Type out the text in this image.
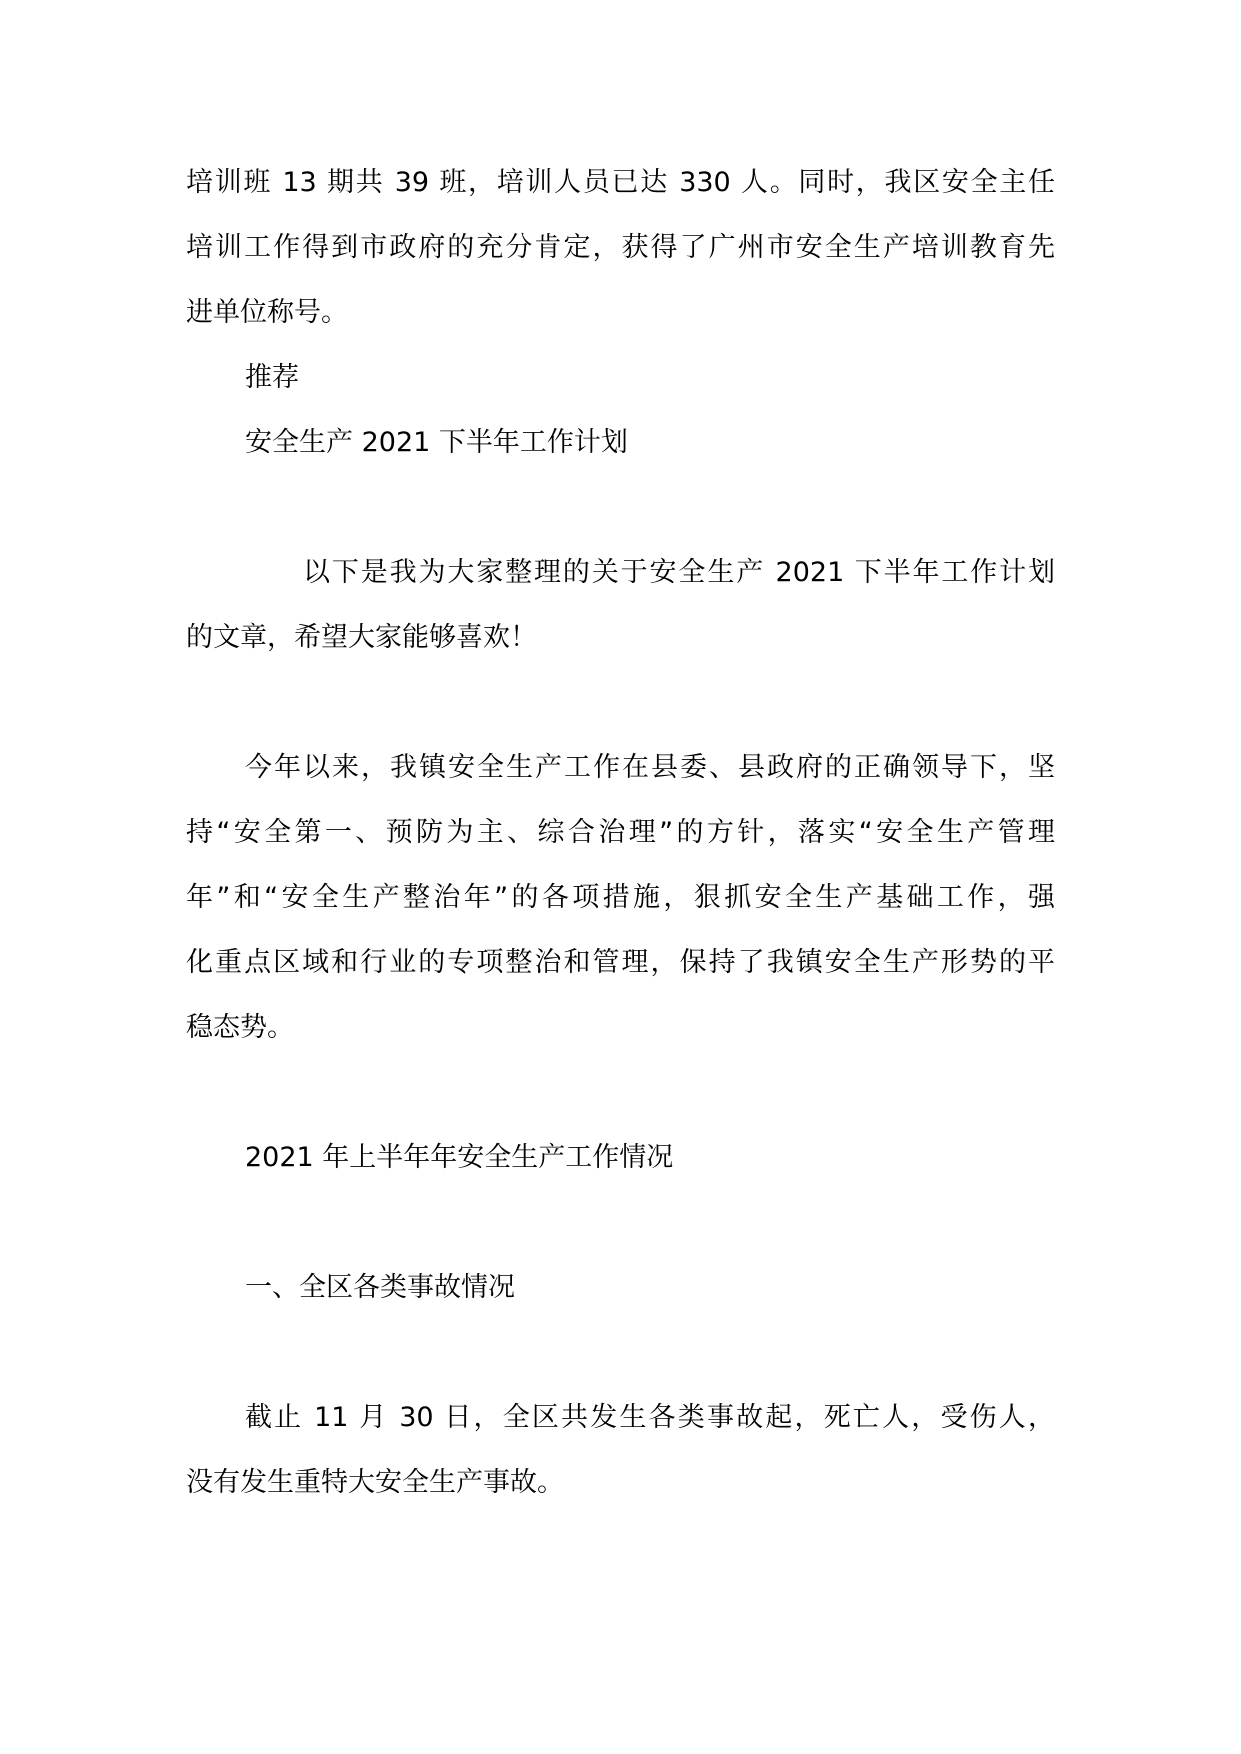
培训班 13 期共 39 班，培训人员已达 330 人。同时，我区安全主任
培训工作得到市政府的充分肯定，获得了广州市安全生产培训教育先
进单位称号。
推荐
安全生产 2021 下半年工作计划
以下是我为大家整理的关于安全生产 2021 下半年工作计划
的文章，希望大家能够喜欢！
今年以来，我镇安全生产工作在县委、县政府的正确领导下，坚
持“安全第一、预防为主、综合治理”的方针，落实“安全生产管理
年”和“安全生产整治年”的各项措施，狠抓安全生产基础工作，强
化重点区域和行业的专项整治和管理，保持了我镇安全生产形势的平
稳态势。
2021 年上半年年安全生产工作情况
一、全区各类事故情况
截止 11 月 30 日，全区共发生各类事故起，死亡人，受伤人，
没有发生重特大安全生产事故。
